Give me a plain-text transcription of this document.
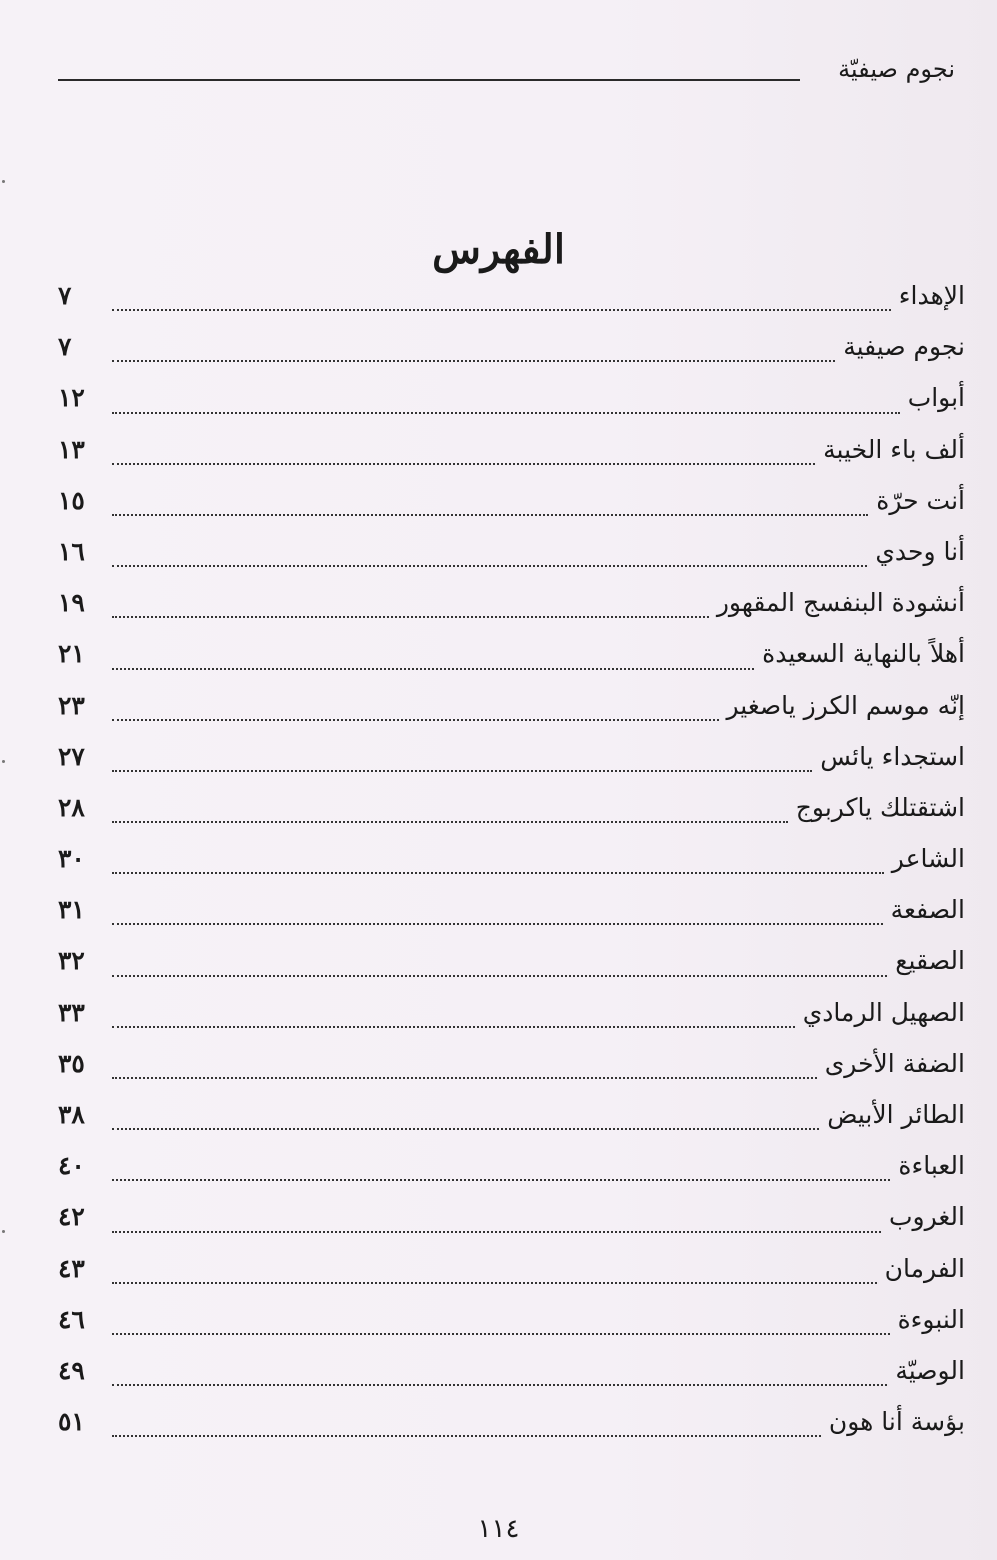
نجوم صيفيّة
الفهرس
الإهداء
٧
نجوم صيفية
٧
أبواب
١٢
ألف باء الخيبة
١٣
أنت حرّة
١٥
أنا وحدي
١٦
أنشودة البنفسج المقهور
١٩
أهلاً بالنهاية السعيدة
٢١
إنّه موسم الكرز ياصغير
٢٣
استجداء يائس
٢٧
اشتقتلك ياكربوج
٢٨
الشاعر
٣٠
الصفعة
٣١
الصقيع
٣٢
الصهيل الرمادي
٣٣
الضفة الأخرى
٣٥
الطائر الأبيض
٣٨
العباءة
٤٠
الغروب
٤٢
الفرمان
٤٣
النبوءة
٤٦
الوصيّة
٤٩
بؤسة أنا هون
٥١
١١٤
